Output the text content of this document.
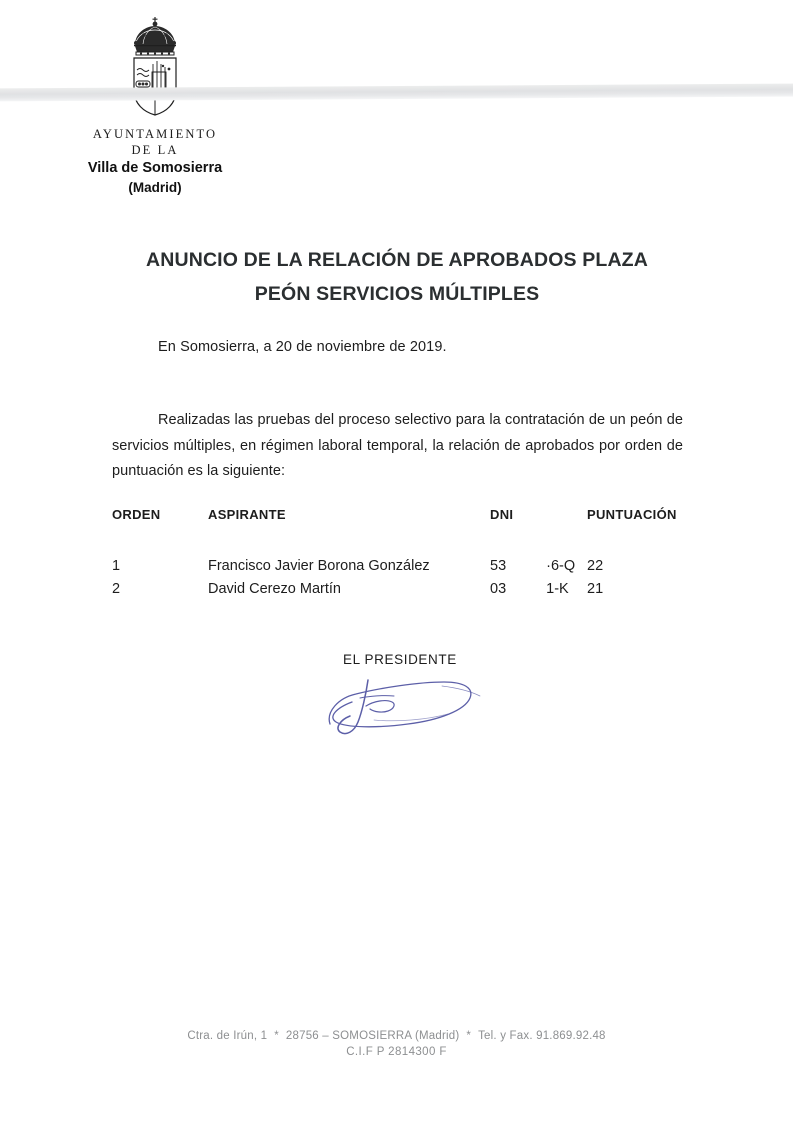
AYUNTAMIENTO
DE LA
Villa de Somosierra
(Madrid)
ANUNCIO DE LA RELACIÓN DE APROBADOS PLAZA
PEÓN SERVICIOS MÚLTIPLES
En Somosierra, a 20 de noviembre de 2019.
Realizadas las pruebas del proceso selectivo para la contratación de un peón de servicios múltiples, en régimen laboral temporal, la relación de aprobados por orden de puntuación es la siguiente:
ORDEN	ASPIRANTE	DNI	PUNTUACIÓN
1	Francisco Javier Borona González	53 ·6-Q	22
2	David Cerezo Martín	03 1-K	21
EL PRESIDENTE
Ctra. de Irún, 1 * 28756 – SOMOSIERRA (Madrid) * Tel. y Fax. 91.869.92.48
C.I.F P 2814300 F
